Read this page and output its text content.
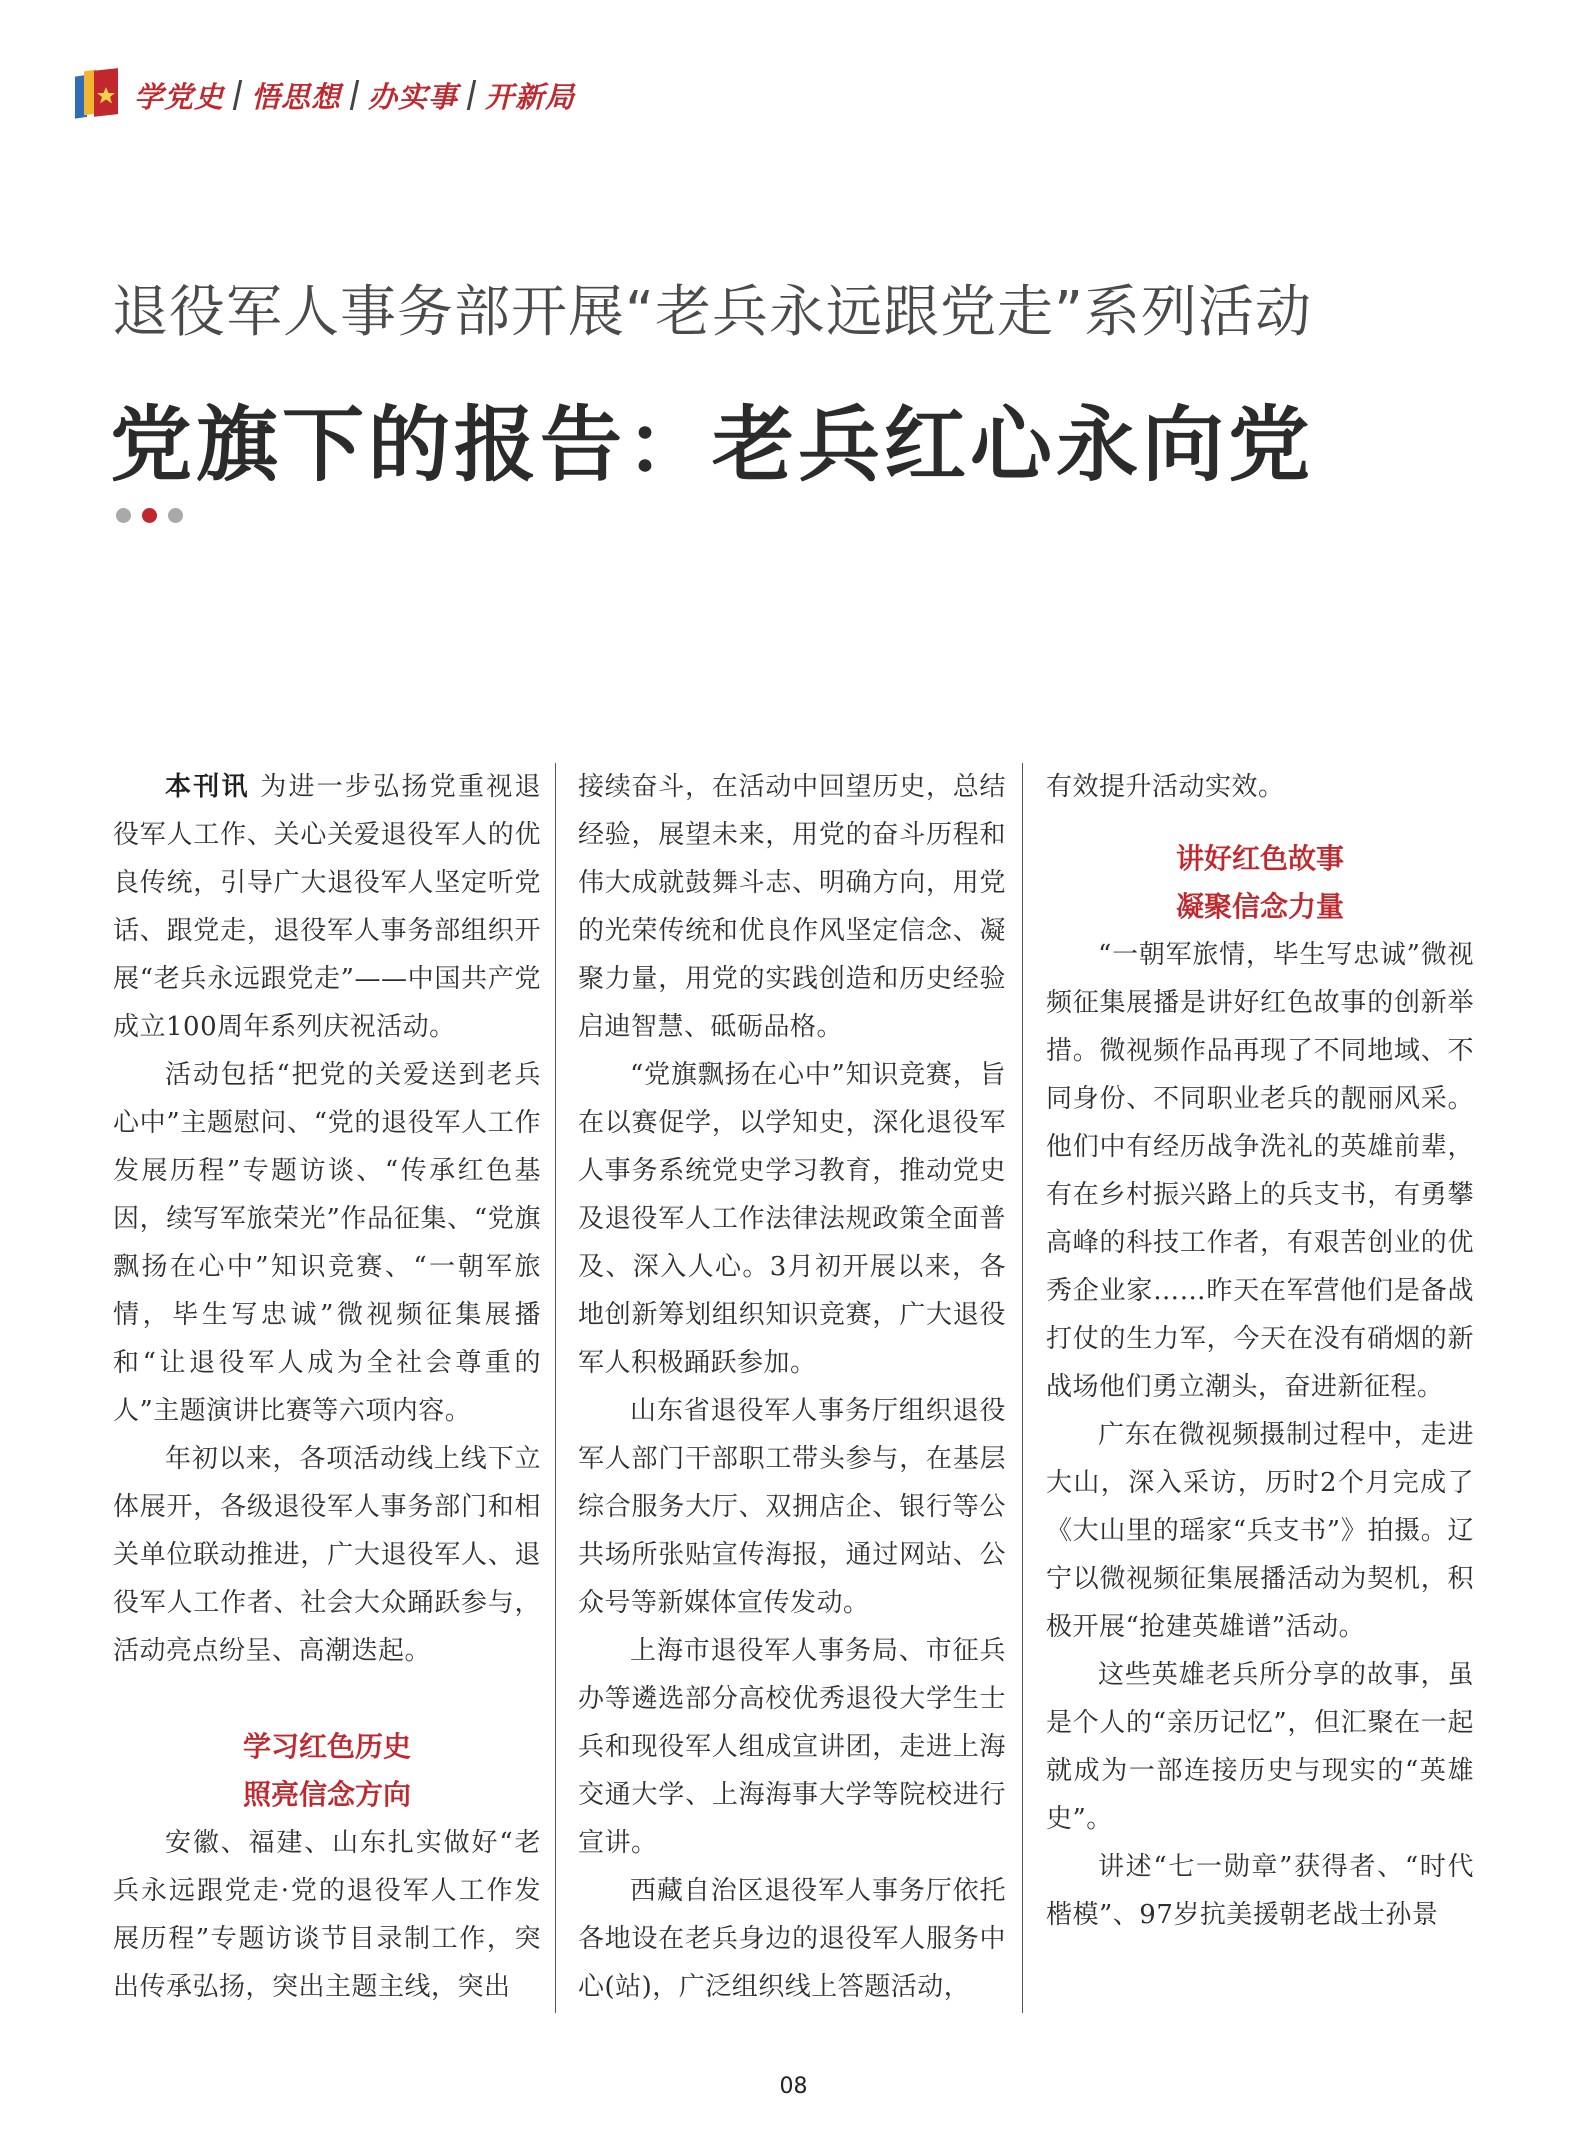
学党史 悟思想 办实事 开新局
退役军人事务部开展“老兵永远跟党走”系列活动
党旗下的报告：老兵红心永向党

本刊讯 为进一步弘扬党重视退役军人工作、关心关爱退役军人的优良传统，引导广大退役军人坚定听党话、跟党走，退役军人事务部组织开展“老兵永远跟党走”——中国共产党成立100周年系列庆祝活动。

活动包括“把党的关爱送到老兵心中”主题慰问、“党的退役军人工作发展历程”专题访谈、“传承红色基因，续写军旅荣光”作品征集、“党旗飘扬在心中”知识竞赛、“一朝军旅情，毕生写忠诚”微视频征集展播和“让退役军人成为全社会尊重的人”主题演讲比赛等六项内容。

年初以来，各项活动线上线下立体展开，各级退役军人事务部门和相关单位联动推进，广大退役军人、退役军人工作者、社会大众踊跃参与，活动亮点纷呈、高潮迭起。

学习红色历史

照亮信念方向

安徽、福建、山东扎实做好“老兵永远跟党走·党的退役军人工作发展历程”专题访谈节目录制工作，突出传承弘扬，突出主题主线，突出

接续奋斗，在活动中回望历史，总结经验，展望未来，用党的奋斗历程和伟大成就鼓舞斗志、明确方向，用党的光荣传统和优良作风坚定信念、凝聚力量，用党的实践创造和历史经验启迪智慧、砥砺品格。

“党旗飘扬在心中”知识竞赛，旨在以赛促学，以学知史，深化退役军人事务系统党史学习教育，推动党史及退役军人工作法律法规政策全面普及、深入人心。3月初开展以来，各地创新筹划组织知识竞赛，广大退役军人积极踊跃参加。

山东省退役军人事务厅组织退役军人部门干部职工带头参与，在基层综合服务大厅、双拥店企、银行等公共场所张贴宣传海报，通过网站、公众号等新媒体宣传发动。

上海市退役军人事务局、市征兵办等遴选部分高校优秀退役大学生士兵和现役军人组成宣讲团，走进上海交通大学、上海海事大学等院校进行宣讲。

西藏自治区退役军人事务厅依托各地设在老兵身边的退役军人服务中心(站)，广泛组织线上答题活动，

有效提升活动实效。

讲好红色故事

凝聚信念力量

“一朝军旅情，毕生写忠诚”微视频征集展播是讲好红色故事的创新举措。微视频作品再现了不同地域、不同身份、不同职业老兵的靓丽风采。他们中有经历战争洗礼的英雄前辈，有在乡村振兴路上的兵支书，有勇攀高峰的科技工作者，有艰苦创业的优秀企业家……昨天在军营他们是备战打仗的生力军，今天在没有硝烟的新战场他们勇立潮头，奋进新征程。

广东在微视频摄制过程中，走进大山，深入采访，历时2个月完成了《大山里的瑶家“兵支书”》拍摄。辽宁以微视频征集展播活动为契机，积极开展“抢建英雄谱”活动。

这些英雄老兵所分享的故事，虽是个人的“亲历记忆”，但汇聚在一起就成为一部连接历史与现实的“英雄史”。

讲述“七一勋章”获得者、“时代楷模”、97岁抗美援朝老战士孙景

08
